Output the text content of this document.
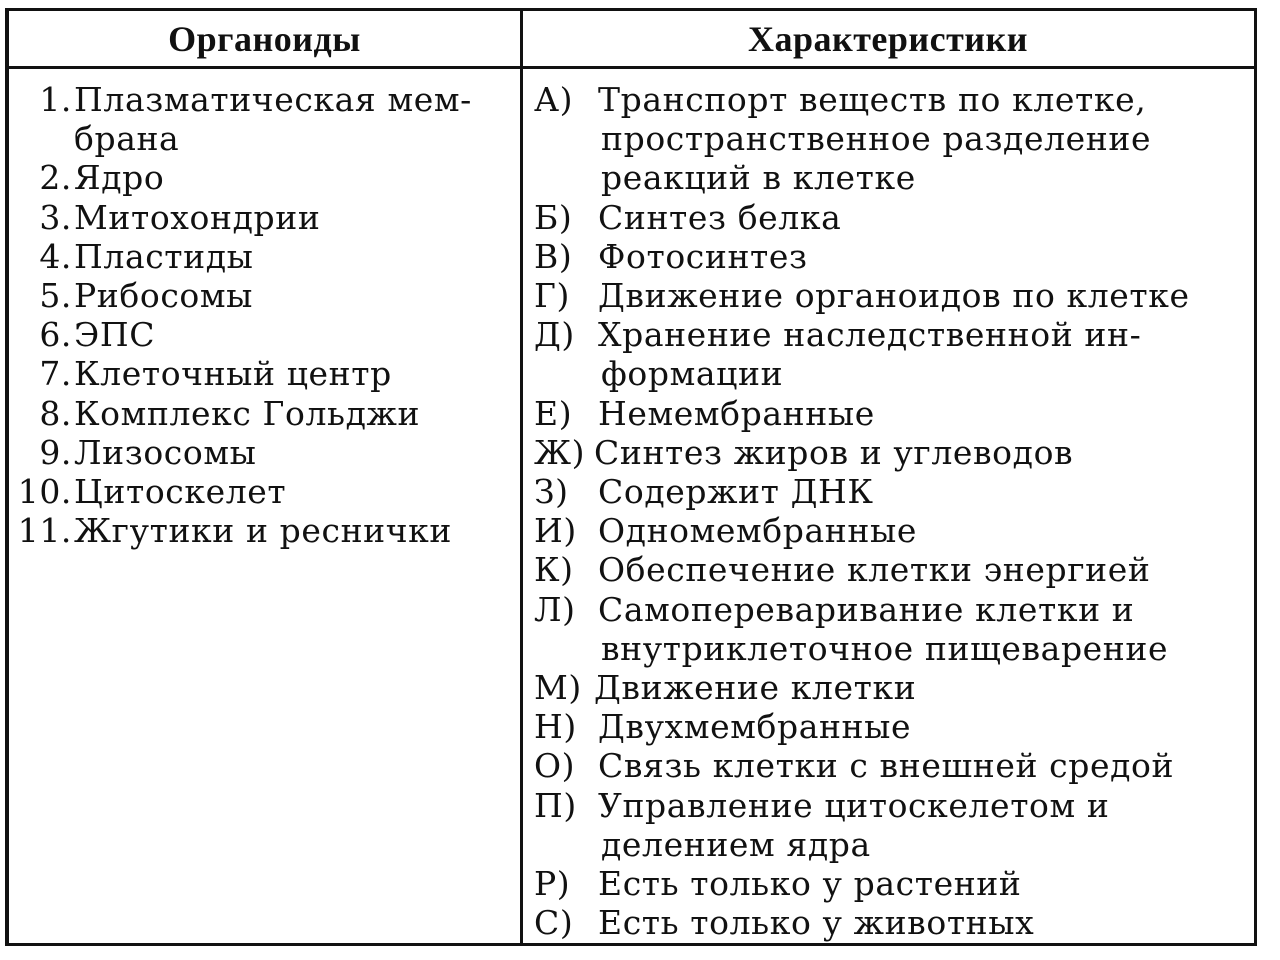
Органоиды	Характеристики
1.Плазматическая мем-
брана
2.Ядро
3.Митохондрии
4.Пластиды
5.Рибосомы
6.ЭПС
7.Клеточный центр
8.Комплекс Гольджи
9.Лизосомы
10.Цитоскелет
11.Жгутики и реснички
А) Транспорт веществ по клетке,
пространственное разделение
реакций в клетке
Б) Синтез белка
В) Фотосинтез
Г) Движение органоидов по клетке
Д) Хранение наследственной ин-
формации
Е) Немембранные
Ж) Синтез жиров и углеводов
З) Содержит ДНК
И) Одномембранные
К) Обеспечение клетки энергией
Л) Самопереваривание клетки и
внутриклеточное пищеварение
М) Движение клетки
Н) Двухмембранные
О) Связь клетки с внешней средой
П) Управление цитоскелетом и
делением ядра
Р) Есть только у растений
С) Есть только у животных
